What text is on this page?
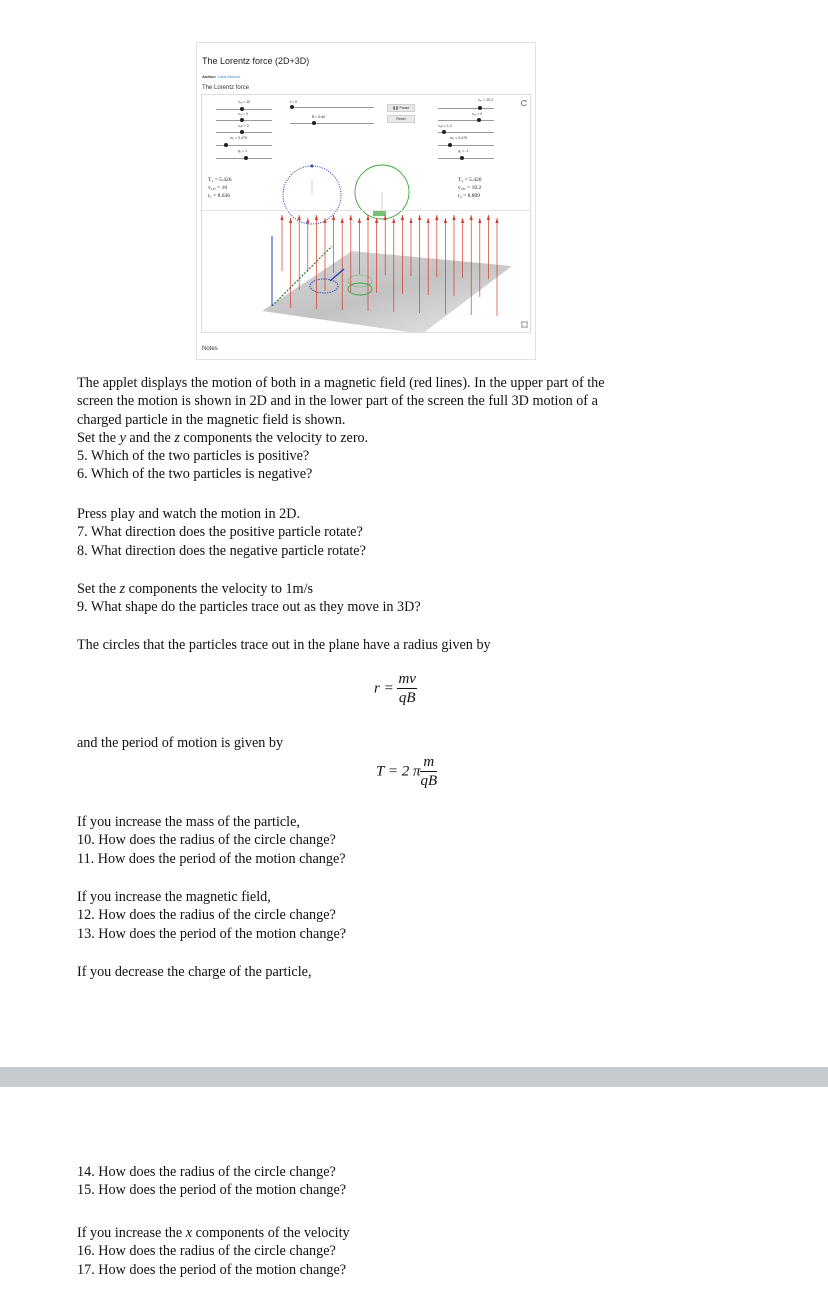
The Lorentz force (2D+3D)
Author: Luca Moroni
The Lorentz force
v₁ₓ = 10
v₁ᵧ = 0
v₁z = 0
m₁ = 0.475
q₁ = 1
t = 0
B = 6.66
❚❚ Pause
Reset
v₂ₓ = 10.2
v₂ᵧ = 0
v₂z = 1.3
m₂ = 0.475
q₂ = -1
T₁ = 5.426
v₁ₓᵧ = 10
r₁ = 8.636
T₂ = 5.426
v₂ₓᵧ = 10.2
r₂ = 8.809
Notes
The applet displays the motion of both in a magnetic field (red lines). In the upper part of the
screen the motion is shown in 2D and in the lower part of the screen the full 3D motion of a
charged particle in the magnetic field is shown.
Set the y and the z components the velocity to zero.
5. Which of the two particles is positive?
6. Which of the two particles is negative?
Press play and watch the motion in 2D.
7. What direction does the positive particle rotate?
8. What direction does the negative particle rotate?
Set the z components the velocity to 1m/s
9. What shape do the particles trace out as they move in 3D?
The circles that the particles trace out in the plane have a radius given by
$r = \frac{mv}{qB}$
and the period of motion is given by
T = 2 π $\frac{m}{qB}$
If you increase the mass of the particle,
10. How does the radius of the circle change?
11. How does the period of the motion change?
If you increase the magnetic field,
12. How does the radius of the circle change?
13. How does the period of the motion change?
If you decrease the charge of the particle,
14. How does the radius of the circle change?
15. How does the period of the motion change?
If you increase the x components of the velocity
16. How does the radius of the circle change?
17. How does the period of the motion change?
